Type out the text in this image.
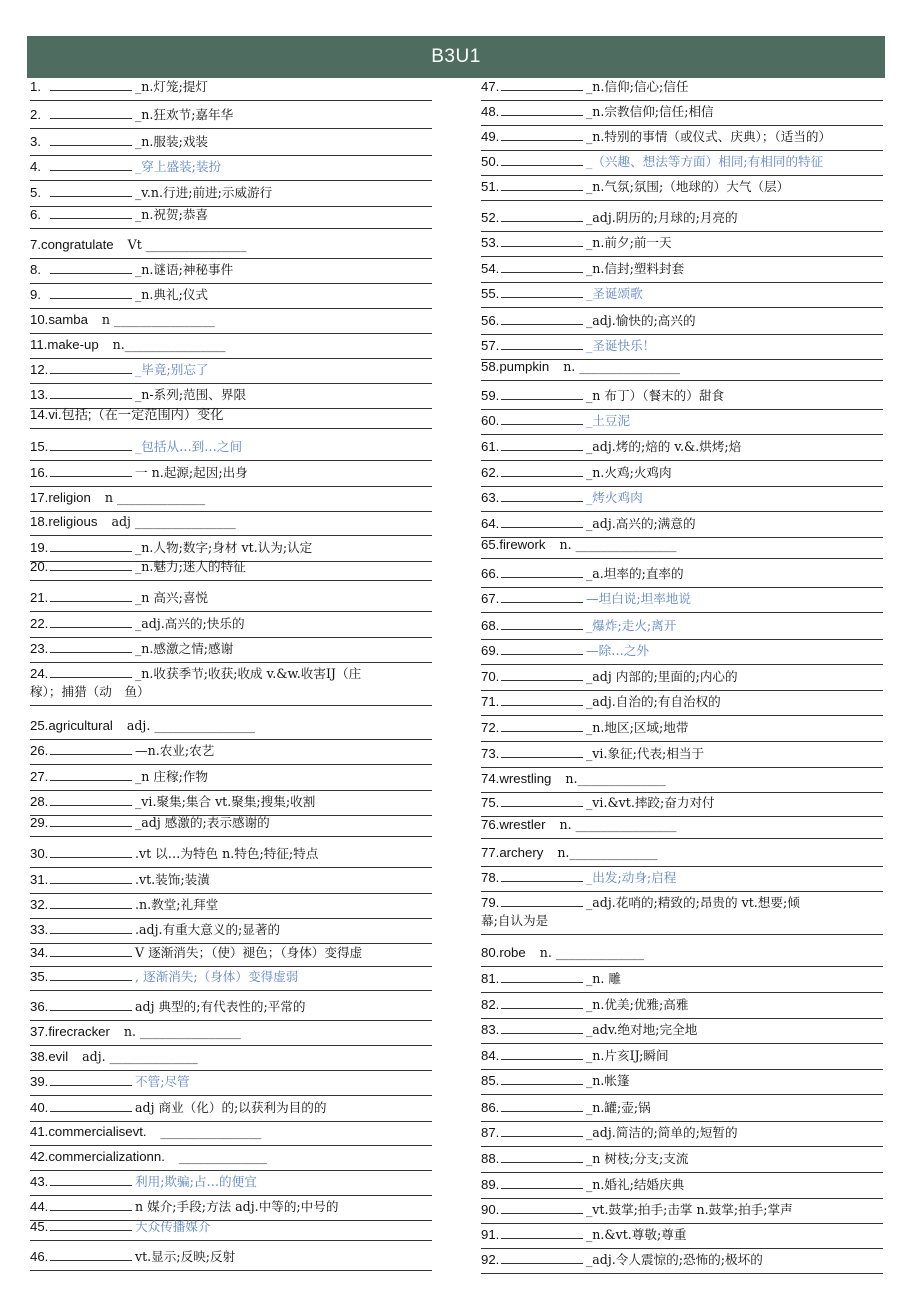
B3U1
1.	_n.灯笼;提灯
2.	_n.狂欢节;嘉年华
3.	_n.服装;戏装
4.	_穿上盛装;装扮
5.	_v.n.行进;前进;示威游行
6.	_n.祝贺;恭喜
7.congratulate Vt ________________
8.	_n.谜语;神秘事件
9.	_n.典礼;仪式
10.samba n ________________
11.make-up n.________________
12.	_毕竟;别忘了
13.	_n-系列;范围、界限
14.vi.包括;（在一定范围内）变化
15.	_包括从…到…之间
16.	一 n.起源;起因;出身
17.religion n ______________
18.religious adj ________________
19.	_n.人物;数字;身材 vt.认为;认定
20.	_n.魅力;迷人的特征
21.	_n 高兴;喜悦
22.	_adj.高兴的;快乐的
23.	_n.感激之情;感谢
24.	_n.收获季节;收获;收成 v.&w.收害IJ（庄
稼）；捕猎（动　鱼）
25.agricultural adj. ________________
26.	—n.农业;农艺
27.	_n 庄稼;作物
28.	_vi.聚集;集合 vt.聚集;搜集;收割
29.	_adj 感激的;表示感谢的
30.	.vt 以…为特色 n.特色;特征;特点
31.	.vt.装饰;装潢
32.	.n.教堂;礼拜堂
33.	.adj.有重大意义的;显著的
34.	V 逐渐消失；（使）褪色；（身体）变得虚
35.	, 逐渐消失;（身体）变得虚弱
36.	adj 典型的;有代表性的;平常的
37.firecracker n. ________________
38.evil adj. ______________
39.	不管;尽管
40.	adj 商业（化）的;以获利为目的的
41.commercialisevt. ________________
42.commercializationn. ______________
43.	利用;欺骗;占…的便宜
44.	n 媒介;手段;方法 adj.中等的;中号的
45.	大众传播媒介
46.	vt.显示;反映;反射
47.	_n.信仰;信心;信任
48.	_n.宗教信仰;信任;相信
49.	_n.特别的事情（或仪式、庆典）；（适当的）
50.	_（兴趣、想法等方面）相同;有相同的特征
51.	_n.气氛;氛围;（地球的）大气（层）
52.	_adj.阴历的;月球的;月亮的
53.	_n.前夕;前一天
54.	_n.信封;塑料封套
55.	_圣诞颂歌
56.	_adj.愉快的;高兴的
57.	_圣诞快乐！
58.pumpkin n. ________________
59.	_n 布丁）（餐末的）甜食
60.	_土豆泥
61.	_adj.烤的;焙的 v.&.烘烤;焙
62.	_n.火鸡;火鸡肉
63.	_烤火鸡肉
64.	_adj.高兴的;满意的
65.firework n. ________________
66.	_a.坦率的;直率的
67.	—坦白说;坦率地说
68.	_爆炸;走火;离开
69.	—除…之外
70.	_adj 内部的;里面的;内心的
71.	_adj.自治的;有自治权的
72.	_n.地区;区域;地带
73.	_vi.象征;代表;相当于
74.wrestling n.______________
75.	_vi.&vt.摔跤;奋力对付
76.wrestler n. ________________
77.archery n.______________
78.	_出发;动身;启程
79.	_adj.花哨的;精致的;昂贵的 vt.想要;倾
幕;自认为是
80.robe n. ______________
81.	_n. 雕
82.	_n.优美;优雅;高雅
83.	_adv.绝对地;完全地
84.	_n.片亥IJ;瞬间
85.	_n.帐篷
86.	_n.罐;壶;锅
87.	_adj.简洁的;简单的;短暂的
88.	_n 树枝;分支;支流
89.	_n.婚礼;结婚庆典
90.	_vt.鼓掌;拍手;击掌 n.鼓掌;拍手;掌声
91.	_n.&vt.尊敬;尊重
92.	_adj.令人震惊的;恐怖的;极坏的
